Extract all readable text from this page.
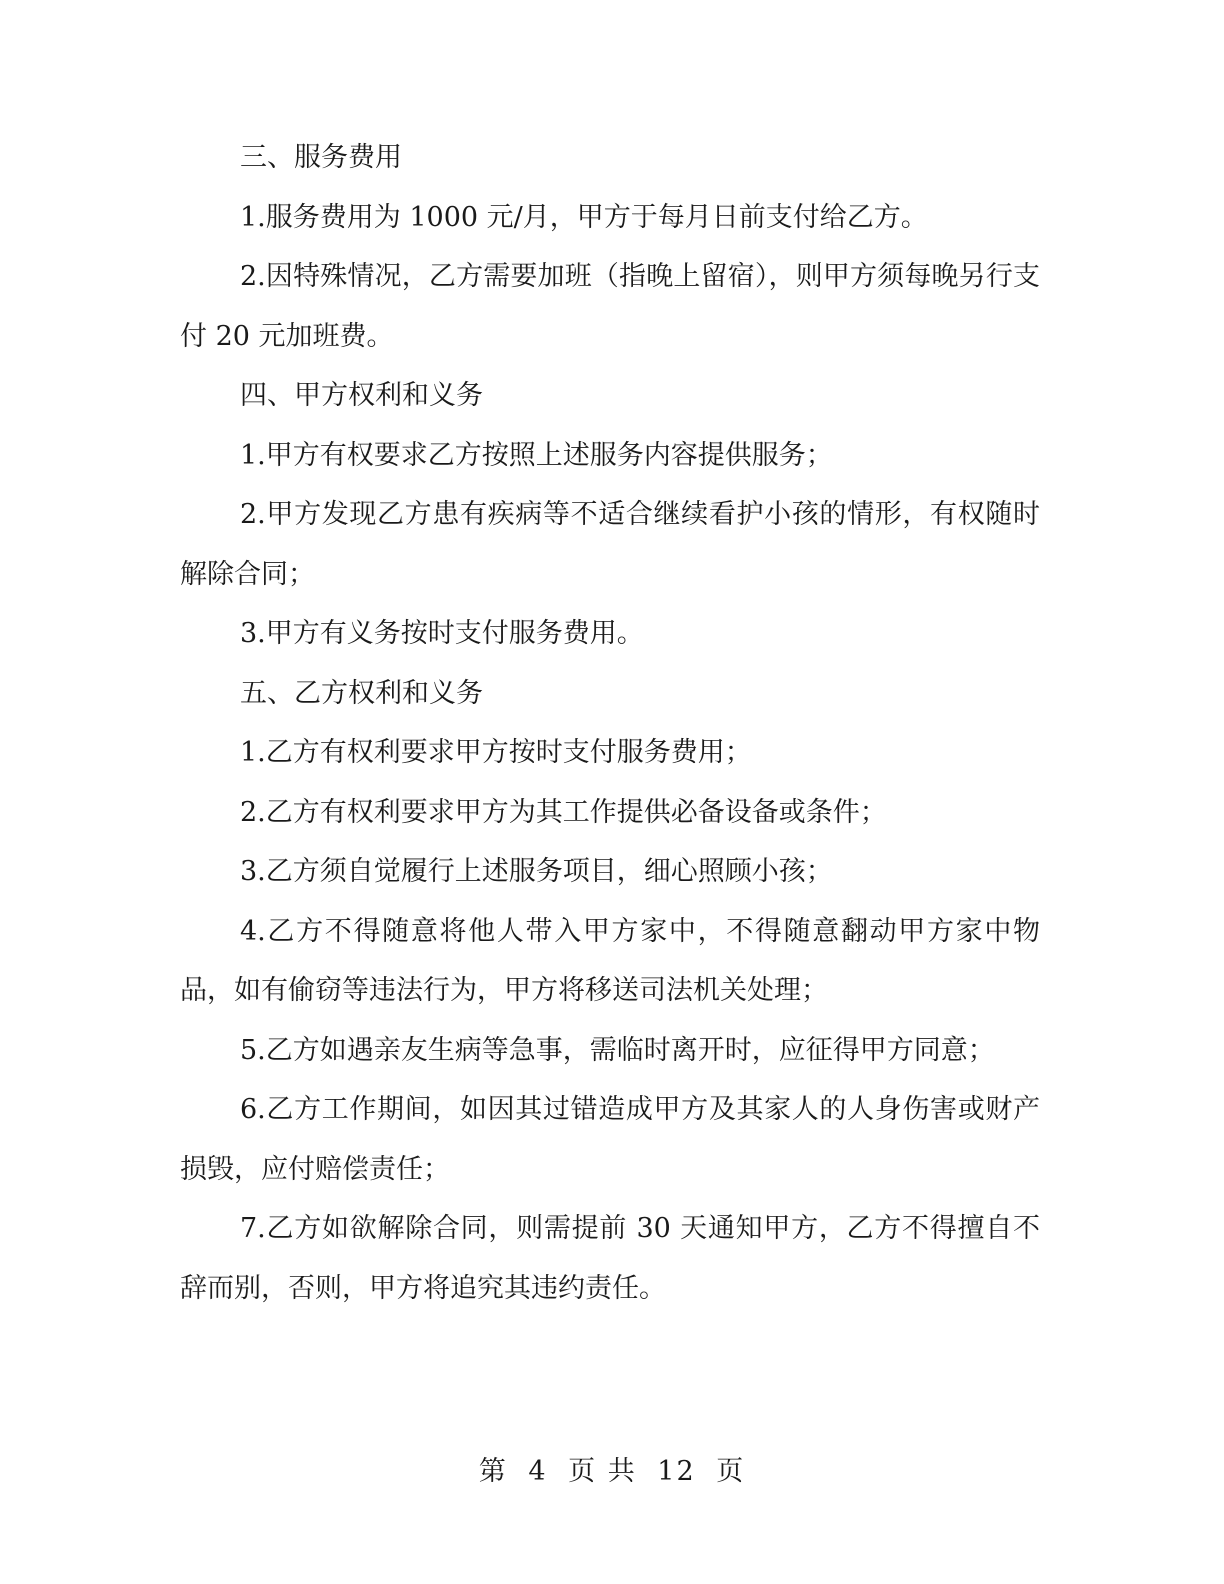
三、服务费用

1.服务费用为 1000 元/月，甲方于每月日前支付给乙方。

2.因特殊情况，乙方需要加班（指晚上留宿），则甲方须每晚另行支付 20 元加班费。

四、甲方权利和义务

1.甲方有权要求乙方按照上述服务内容提供服务；

2.甲方发现乙方患有疾病等不适合继续看护小孩的情形，有权随时解除合同；

3.甲方有义务按时支付服务费用。

五、乙方权利和义务

1.乙方有权利要求甲方按时支付服务费用；

2.乙方有权利要求甲方为其工作提供必备设备或条件；

3.乙方须自觉履行上述服务项目，细心照顾小孩；

4.乙方不得随意将他人带入甲方家中，不得随意翻动甲方家中物品，如有偷窃等违法行为，甲方将移送司法机关处理；

5.乙方如遇亲友生病等急事，需临时离开时，应征得甲方同意；

6.乙方工作期间，如因其过错造成甲方及其家人的人身伤害或财产损毁，应付赔偿责任；

7.乙方如欲解除合同，则需提前 30 天通知甲方，乙方不得擅自不辞而别，否则，甲方将追究其违约责任。

第 4 页 共 12 页
